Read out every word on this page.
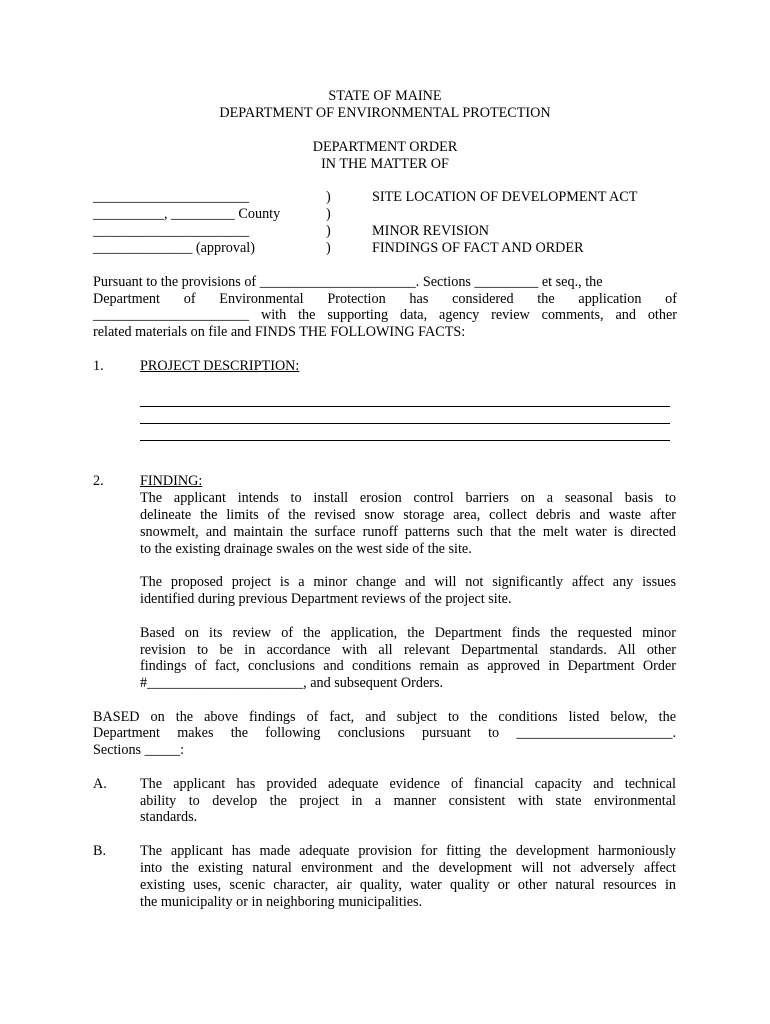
STATE OF MAINE
DEPARTMENT OF ENVIRONMENTAL PROTECTION
DEPARTMENT ORDER
IN THE MATTER OF
______________________
__________, _________ County
______________________
______________ (approval)
)
)
)
)
SITE LOCATION OF DEVELOPMENT ACT
MINOR REVISION
FINDINGS OF FACT AND ORDER
Pursuant to the provisions of ______________________. Sections _________ et seq., the
Department of Environmental Protection has considered the application of
______________________ with the supporting data, agency review comments, and other
related materials on file and FINDS THE FOLLOWING FACTS:
1.	PROJECT DESCRIPTION:
2.	FINDING:
The applicant intends to install erosion control barriers on a seasonal basis to
delineate the limits of the revised snow storage area, collect debris and waste after
snowmelt, and maintain the surface runoff patterns such that the melt water is directed
to the existing drainage swales on the west side of the site.
The proposed project is a minor change and will not significantly affect any issues
identified during previous Department reviews of the project site.
Based on its review of the application, the Department finds the requested minor
revision to be in accordance with all relevant Departmental standards. All other
findings of fact, conclusions and conditions remain as approved in Department Order
#______________________, and subsequent Orders.
BASED on the above findings of fact, and subject to the conditions listed below, the
Department makes the following conclusions pursuant to ______________________.
Sections _____:
A. The applicant has provided adequate evidence of financial capacity and technical
ability to develop the project in a manner consistent with state environmental
standards.
B. The applicant has made adequate provision for fitting the development harmoniously
into the existing natural environment and the development will not adversely affect
existing uses, scenic character, air quality, water quality or other natural resources in
the municipality or in neighboring municipalities.
